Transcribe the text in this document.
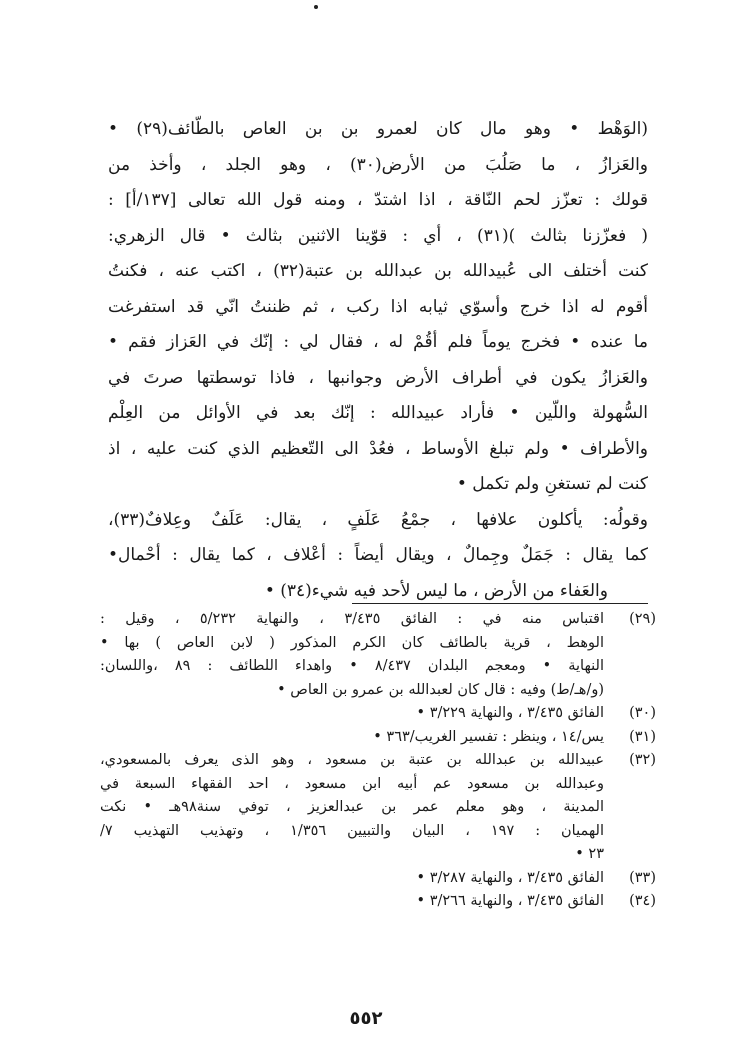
(الوَهْط • وهو مال كان لعمرو بن بن العاص بالطّائف(٢٩) •
والعَزازُ ، ما صَلُبَ من الأرض(٣٠) ، وهو الجلد ، وأخذ من
قولك : تعزّز لحم النّاقة ، اذا اشتدّ ، ومنه قول الله تعالى [١٣٧/أ] :
( فعزّزنا بثالث )(٣١) ، أي : قوّينا الاثنين بثالث • قال الزهري:
كنت أختلف الى عُبيدالله بن عبدالله بن عتبة(٣٢) ، اكتب عنه ، فكنتُ
أقوم له اذا خرج وأسوّي ثيابه اذا ركب ، ثم ظننتُ انّي قد استفرغت
ما عنده • فخرج يوماً فلم أقُمْ له ، فقال لي : إنّك في العَزاز فقم •
والعَزازُ يكون في أطراف الأرض وجوانبها ، فاذا توسطتها صرتَ في
السُّهولة واللّين • فأراد عبيدالله : إنّك بعد في الأوائل من العِلْم
والأطراف • ولم تبلغ الأوساط ، فعُدْ الى التّعظيم الذي كنت عليه ، اذ
كنت لم تستغنِ ولم تكمل •
وقولُه: يأكلون علافها ، جمْعُ عَلَفٍ ، يقال: عَلَفٌ وعِلافٌ(٣٣)،
كما يقال : جَمَلٌ وجِمالٌ ، ويقال أيضاً : أعْلاف ، كما يقال : أحْمال•
والعَفاء من الأرض ، ما ليس لأحد فيه شيء(٣٤) •
(٢٩)
اقتباس منه في : الفائق ٣/٤٣٥ ، والنهاية ٥/٢٣٢ ، وقيل :
الوهط ، قرية بالطائف كان الكرم المذكور ( لابن العاص ) بها •
النهاية • ومعجم البلدان ٨/٤٣٧ • واهداء اللطائف : ٨٩ ،واللسان:
(و/هـ/ط) وفيه : قال كان لعبدالله بن عمرو بن العاص •
(٣٠)
الفائق ٣/٤٣٥ ، والنهاية ٣/٢٢٩ •
(٣١)
يس/١٤ ، وينظر : تفسير الغريب/٣٦٣ •
(٣٢)
عبيدالله بن عبدالله بن عتبة بن مسعود ، وهو الذى يعرف بالمسعودي،
وعبدالله بن مسعود عم أبيه ابن مسعود ، احد الفقهاء السبعة في
المدينة ، وهو معلم عمر بن عبدالعزيز ، توفي سنة٩٨هـ • نكت
الهميان : ١٩٧ ، البيان والتبيين ١/٣٥٦ ، وتهذيب التهذيب ٧/
٢٣ •
(٣٣)
الفائق ٣/٤٣٥ ، والنهاية ٣/٢٨٧ •
(٣٤)
الفائق ٣/٤٣٥ ، والنهاية ٣/٢٦٦ •
٥٥٢
